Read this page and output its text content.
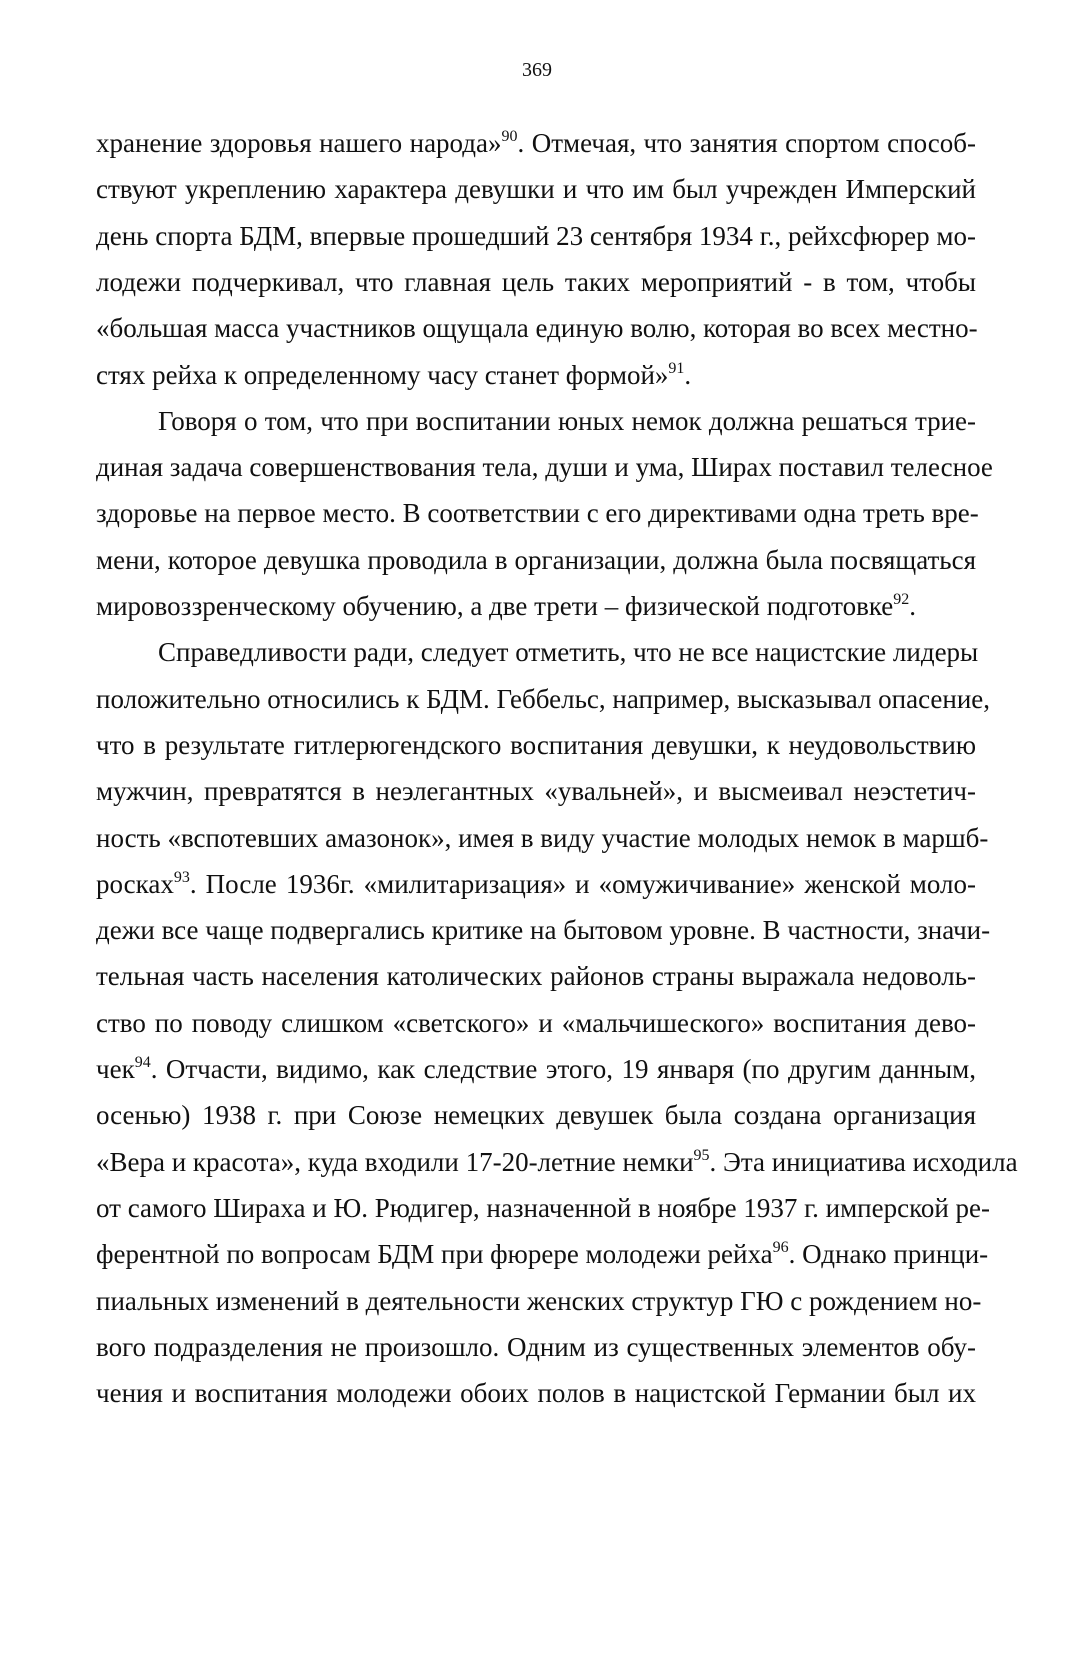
369
хранение здоровья нашего народа»$^{90}$. Отмечая, что занятия спортом способ-
ствуют укреплению характера девушки и что им был учрежден Имперский
день спорта БДМ, впервые прошедший 23 сентября 1934 г., рейхсфюрер мо-
лодежи подчеркивал, что главная цель таких мероприятий - в том, чтобы
«большая масса участников ощущала единую волю, которая во всех местно-
стях рейха к определенному часу станет формой»$^{91}$.
Говоря о том, что при воспитании юных немок должна решаться трие-
диная задача совершенствования тела, души и ума, Ширах поставил телесное
здоровье на первое место. В соответствии с его директивами одна треть вре-
мени, которое девушка проводила в организации, должна была посвящаться
мировоззренческому обучению, а две трети – физической подготовке$^{92}$.
Справедливости ради, следует отметить, что не все нацистские лидеры
положительно относились к БДМ. Геббельс, например, высказывал опасение,
что в результате гитлерюгендского воспитания девушки, к неудовольствию
мужчин, превратятся в неэлегантных «увальней», и высмеивал неэстетич-
ность «вспотевших амазонок», имея в виду участие молодых немок в маршб-
росках$^{93}$. После 1936г. «милитаризация» и «омужичивание» женской моло-
дежи все чаще подвергались критике на бытовом уровне. В частности, значи-
тельная часть населения католических районов страны выражала недоволь-
ство по поводу слишком «светского» и «мальчишеского» воспитания дево-
чек$^{94}$. Отчасти, видимо, как следствие этого, 19 января (по другим данным,
осенью) 1938 г. при Союзе немецких девушек была создана организация
«Вера и красота», куда входили 17-20-летние немки$^{95}$. Эта инициатива исходила
от самого Шираха и Ю. Рюдигер, назначенной в ноябре 1937 г. имперской ре-
ферентной по вопросам БДМ при фюрере молодежи рейха$^{96}$. Однако принци-
пиальных изменений в деятельности женских структур ГЮ с рождением но-
вого подразделения не произошло. Одним из существенных элементов обу-
чения и воспитания молодежи обоих полов в нацистской Германии был их
